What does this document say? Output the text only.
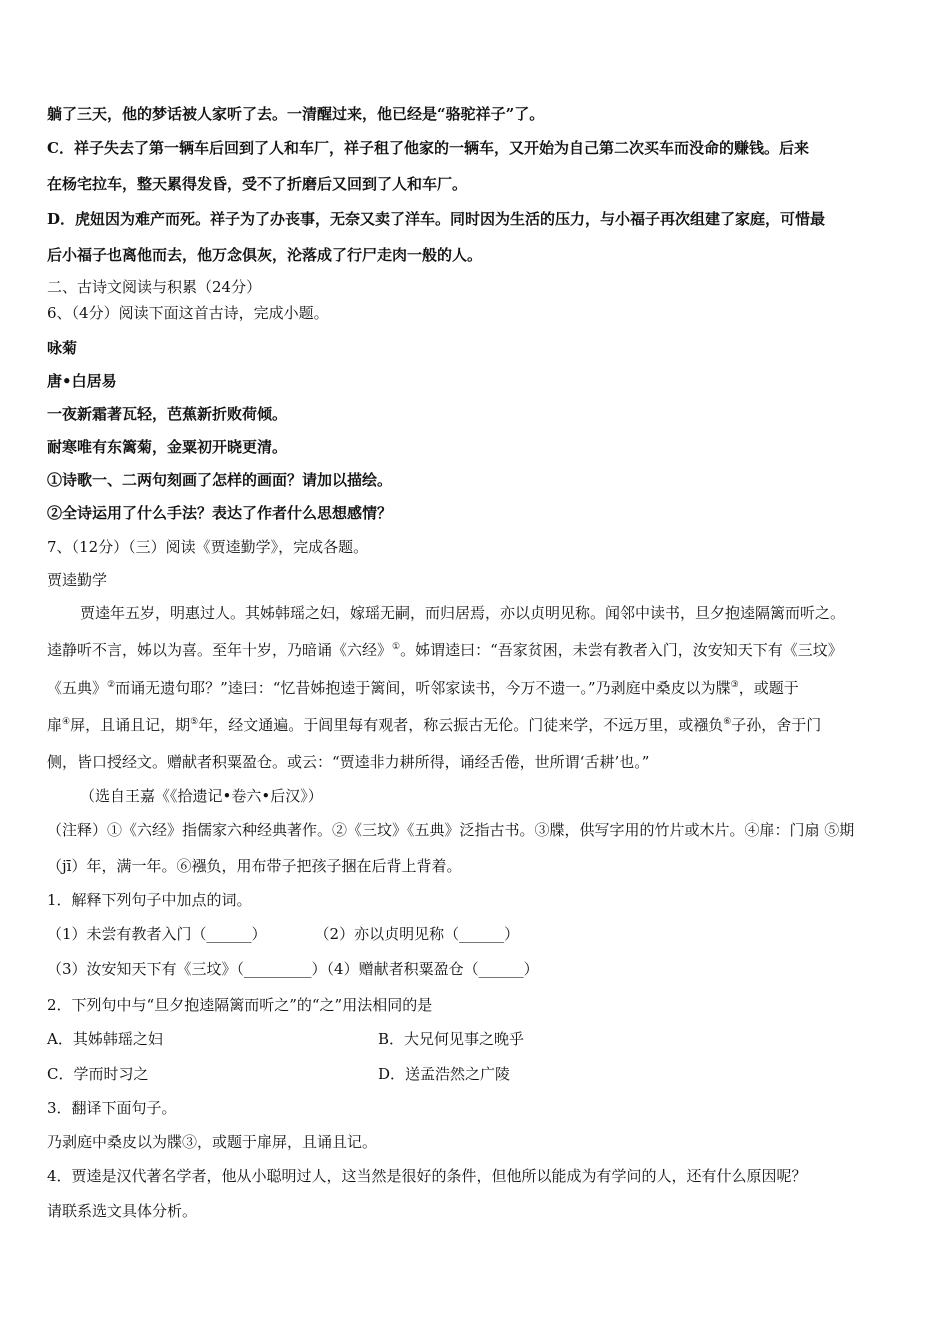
躺了三天，他的梦话被人家听了去。一清醒过来，他已经是“骆驼祥子”了。
C．祥子失去了第一辆车后回到了人和车厂，祥子租了他家的一辆车，又开始为自己第二次买车而没命的赚钱。后来
在杨宅拉车，整天累得发昏，受不了折磨后又回到了人和车厂。
D．虎妞因为难产而死。祥子为了办丧事，无奈又卖了洋车。同时因为生活的压力，与小福子再次组建了家庭，可惜最
后小福子也离他而去，他万念俱灰，沦落成了行尸走肉一般的人。
二、古诗文阅读与积累（24分）
6、（4分）阅读下面这首古诗，完成小题。
咏菊
唐•白居易
一夜新霜著瓦轻，芭蕉新折败荷倾。
耐寒唯有东篱菊，金粟初开晓更清。
①诗歌一、二两句刻画了怎样的画面？请加以描绘。
②全诗运用了什么手法？表达了作者什么思想感情？
7、（12分）（三）阅读《贾逵勤学》，完成各题。
贾逵勤学
贾逵年五岁，明惠过人。其姊韩瑶之妇，嫁瑶无嗣，而归居焉，亦以贞明见称。闻邻中读书，旦夕抱逵隔篱而听之。
逵静听不言，姊以为喜。至年十岁，乃暗诵《六经》①。姊谓逵曰：“吾家贫困，未尝有教者入门，汝安知天下有《三坟》
《五典》②而诵无遗句耶？”逵曰：“忆昔姊抱逵于篱间，听邻家读书，今万不遗一。”乃剥庭中桑皮以为牒③，或题于
扉④屏，且诵且记，期⑤年，经文通遍。于闾里每有观者，称云振古无伦。门徒来学，不远万里，或襁负⑥子孙，舍于门
侧，皆口授经文。赠献者积粟盈仓。或云：“贾逵非力耕所得，诵经舌倦，世所谓‘舌耕’也。”
（选自王嘉《《拾遗记•卷六•后汉》）
（注释）①《六经》指儒家六种经典著作。②《三坟》《五典》泛指古书。③牒，供写字用的竹片或木片。④扉：门扇 ⑤期
（jī）年，满一年。⑥襁负，用布带子把孩子捆在后背上背着。
1．解释下列句子中加点的词。
（1）未尝有教者入门（______）	（2）亦以贞明见称（______）
（3）汝安知天下有《三坟》（_________）（4）赠献者积粟盈仓（______）
2．下列句中与“旦夕抱逵隔篱而听之”的“之”用法相同的是
A．其姊韩瑶之妇	B．大兄何见事之晚乎
C．学而时习之	D．送孟浩然之广陵
3．翻译下面句子。
乃剥庭中桑皮以为牒③，或题于扉屏，且诵且记。
4．贾逵是汉代著名学者，他从小聪明过人，这当然是很好的条件，但他所以能成为有学问的人，还有什么原因呢？
请联系选文具体分析。
